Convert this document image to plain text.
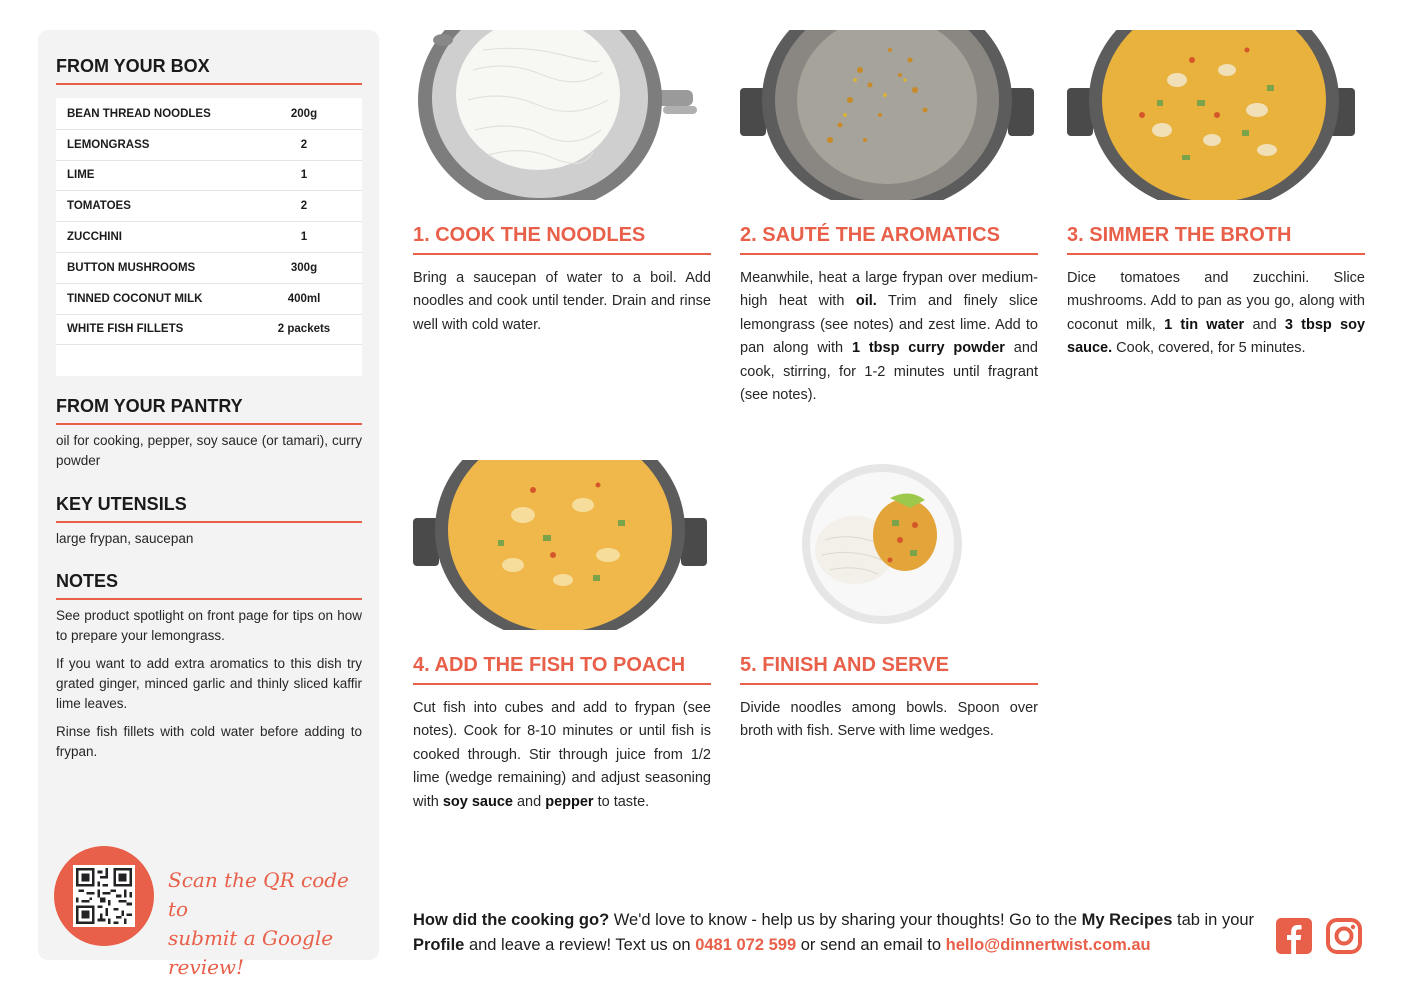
FROM YOUR BOX
BEAN THREAD NOODLES	200g
LEMONGRASS	2
LIME	1
TOMATOES	2
ZUCCHINI	1
BUTTON MUSHROOMS	300g
TINNED COCONUT MILK	400ml
WHITE FISH FILLETS	2 packets
FROM YOUR PANTRY
oil for cooking, pepper, soy sauce (or tamari), curry powder
KEY UTENSILS
large frypan, saucepan
NOTES

See product spotlight on front page for tips on how to prepare your lemongrass.

If you want to add extra aromatics to this dish try grated ginger, minced garlic and thinly sliced kaffir lime leaves.

Rinse fish fillets with cold water before adding to frypan.

Scan the QR code to
submit a Google review!
1. COOK THE NOODLES
Bring a saucepan of water to a boil. Add noodles and cook until tender. Drain and rinse well with cold water.
2. SAUTÉ THE AROMATICS
Meanwhile, heat a large frypan over medium-high heat with oil. Trim and finely slice lemongrass (see notes) and zest lime. Add to pan along with 1 tbsp curry powder and cook, stirring, for 1-2 minutes until fragrant (see notes).
3. SIMMER THE BROTH
Dice tomatoes and zucchini. Slice mushrooms. Add to pan as you go, along with coconut milk, 1 tin water and 3 tbsp soy sauce. Cook, covered, for 5 minutes.
4. ADD THE FISH TO POACH
Cut fish into cubes and add to frypan (see notes). Cook for 8-10 minutes or until fish is cooked through. Stir through juice from 1/2 lime (wedge remaining) and adjust seasoning with soy sauce and pepper to taste.
5. FINISH AND SERVE
Divide noodles among bowls. Spoon over broth with fish. Serve with lime wedges.
How did the cooking go? We'd love to know - help us by sharing your thoughts! Go to the My Recipes tab in your Profile and leave a review! Text us on 0481 072 599 or send an email to hello@dinnertwist.com.au
